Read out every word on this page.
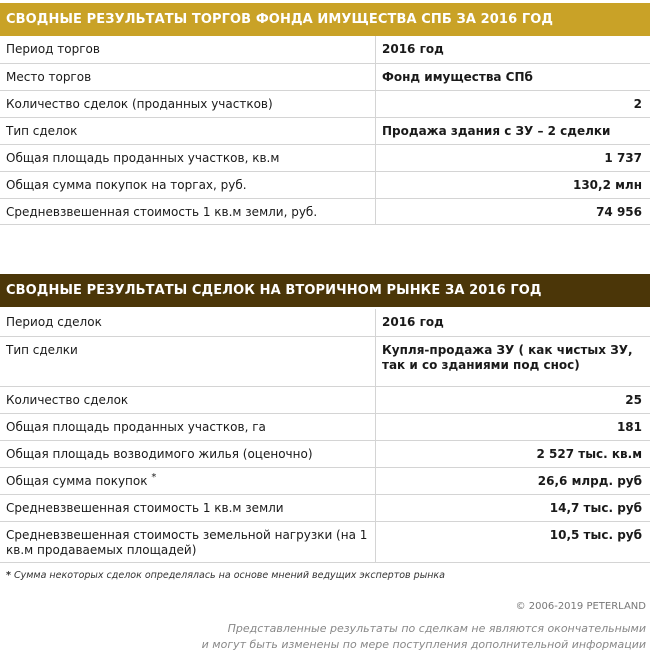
СВОДНЫЕ РЕЗУЛЬТАТЫ ТОРГОВ ФОНДА ИМУЩЕСТВА СПБ ЗА 2016 ГОД
Период торгов	2016 год
Место торгов	Фонд имущества СПб
Количество сделок (проданных участков)	2
Тип сделок	Продажа здания с ЗУ – 2 сделки
Общая площадь проданных участков, кв.м	1 737
Общая сумма покупок на торгах, руб.	130,2 млн
Средневзвешенная стоимость 1 кв.м земли, руб.	74 956
СВОДНЫЕ РЕЗУЛЬТАТЫ СДЕЛОК НА ВТОРИЧНОМ РЫНКЕ ЗА 2016 ГОД
Период сделок	2016 год
Тип сделки	Купля-продажа ЗУ ( как чистых ЗУ, так и со зданиями под снос)
Количество сделок	25
Общая площадь проданных участков, га	181
Общая площадь возводимого жилья (оценочно)	2 527 тыс. кв.м
Общая сумма покупок *	26,6 млрд. руб
Средневзвешенная стоимость 1 кв.м земли	14,7 тыс. руб
Средневзвешенная стоимость земельной нагрузки (на 1 кв.м продаваемых площадей)	10,5 тыс. руб
* Сумма некоторых сделок определялась на основе мнений ведущих экспертов рынка
© 2006-2019 PETERLAND
Представленные результаты по сделкам не являются окончательными
и могут быть изменены по мере поступления дополнительной информации
